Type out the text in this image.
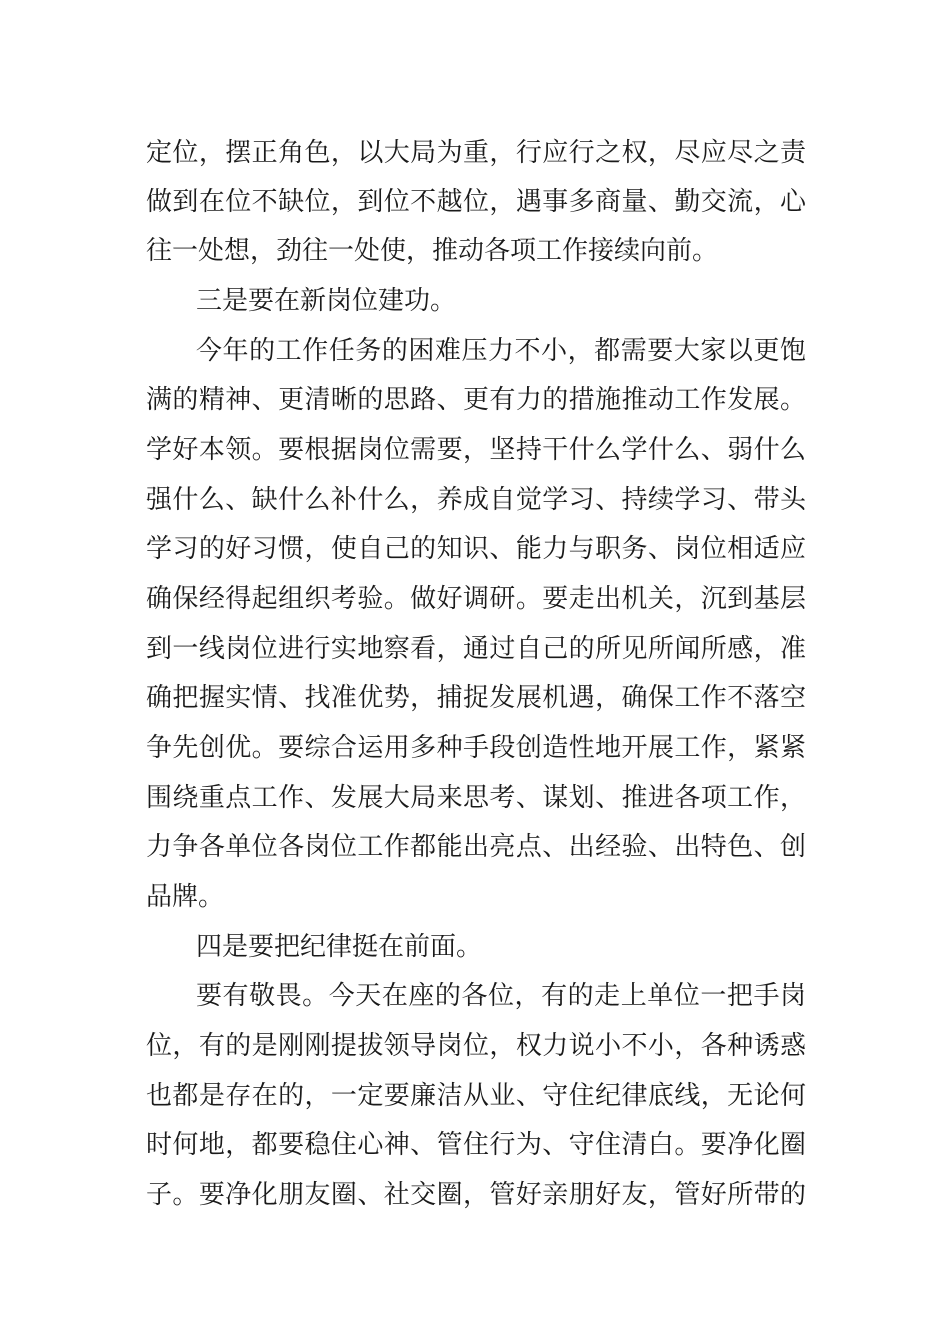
定位，摆正角色，以大局为重，行应行之权，尽应尽之责
做到在位不缺位，到位不越位，遇事多商量、勤交流，心
往一处想，劲往一处使，推动各项工作接续向前。
三是要在新岗位建功。
今年的工作任务的困难压力不小，都需要大家以更饱
满的精神、更清晰的思路、更有力的措施推动工作发展。
学好本领。要根据岗位需要，坚持干什么学什么、弱什么
强什么、缺什么补什么，养成自觉学习、持续学习、带头
学习的好习惯，使自己的知识、能力与职务、岗位相适应
确保经得起组织考验。做好调研。要走出机关，沉到基层
到一线岗位进行实地察看，通过自己的所见所闻所感，准
确把握实情、找准优势，捕捉发展机遇，确保工作不落空
争先创优。要综合运用多种手段创造性地开展工作，紧紧
围绕重点工作、发展大局来思考、谋划、推进各项工作，
力争各单位各岗位工作都能出亮点、出经验、出特色、创
品牌。
四是要把纪律挺在前面。
要有敬畏。今天在座的各位，有的走上单位一把手岗
位，有的是刚刚提拔领导岗位，权力说小不小，各种诱惑
也都是存在的，一定要廉洁从业、守住纪律底线，无论何
时何地，都要稳住心神、管住行为、守住清白。要净化圈
子。要净化朋友圈、社交圈，管好亲朋好友，管好所带的
